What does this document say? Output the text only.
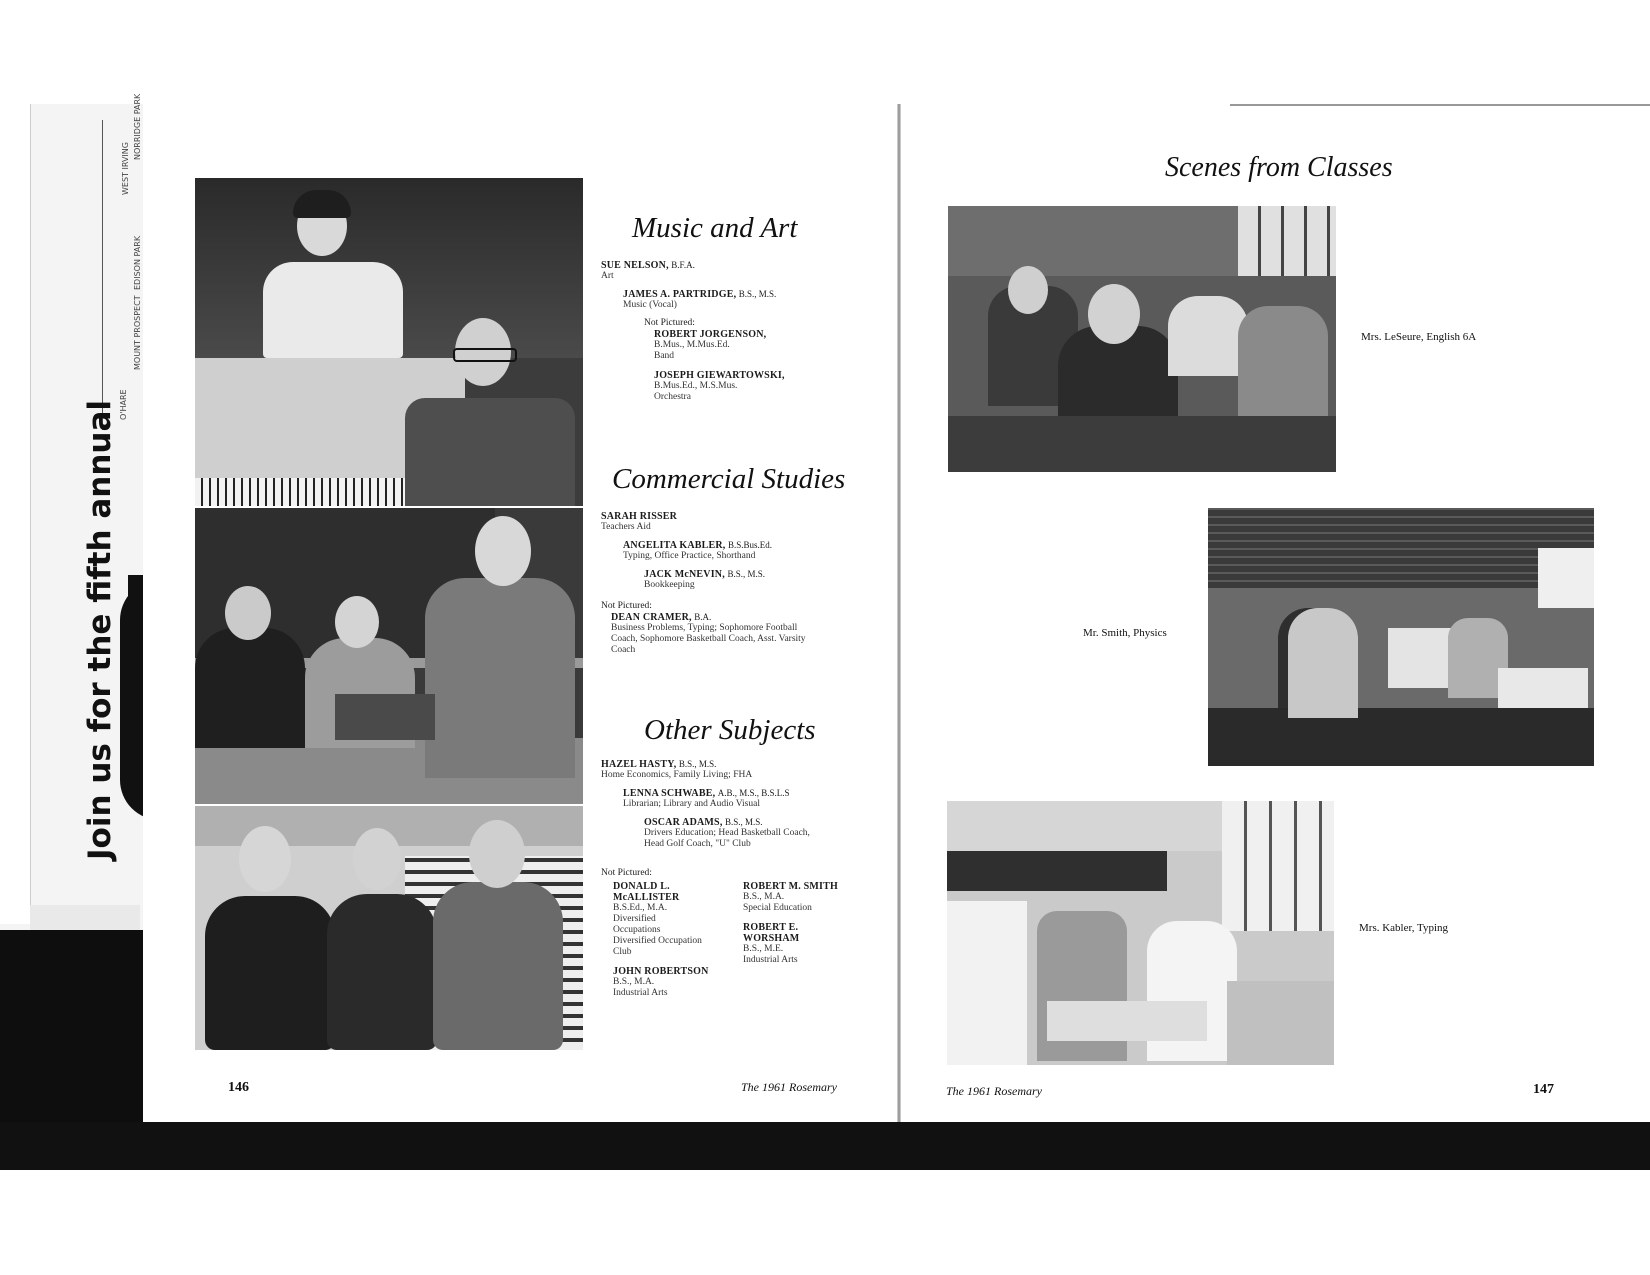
O'HARE
MOUNT PROSPECT
EDISON PARK
WEST IRVING
NORRIDGE PARK
Join us for the fifth annual
Music and Art
SUE NELSON, B.F.A.
Art
JAMES A. PARTRIDGE, B.S., M.S.
Music (Vocal)
Not Pictured:
ROBERT JORGENSON,
B.Mus., M.Mus.Ed.
Band
JOSEPH GIEWARTOWSKI,
B.Mus.Ed., M.S.Mus.
Orchestra
Commercial Studies
SARAH RISSER
Teachers Aid
ANGELITA KABLER, B.S.Bus.Ed.
Typing, Office Practice, Shorthand
JACK McNEVIN, B.S., M.S.
Bookkeeping
Not Pictured:
DEAN CRAMER, B.A.
Business Problems, Typing; Sophomore Football
Coach, Sophomore Basketball Coach, Asst. Varsity
Coach
Other Subjects
HAZEL HASTY, B.S., M.S.
Home Economics, Family Living; FHA
LENNA SCHWABE, A.B., M.S., B.S.L.S
Librarian; Library and Audio Visual
OSCAR ADAMS, B.S., M.S.
Drivers Education; Head Basketball Coach,
Head Golf Coach, "U" Club
Not Pictured:
DONALD L.
McALLISTER
B.S.Ed., M.A.
Diversified
Occupations
Diversified Occupation
Club
JOHN ROBERTSON
B.S., M.A.
Industrial Arts
ROBERT M. SMITH
B.S., M.A.
Special Education
ROBERT E.
WORSHAM
B.S., M.E.
Industrial Arts
146	The 1961 Rosemary
Scenes from Classes
Mrs. LeSeure, English 6A
Mr. Smith, Physics
Mrs. Kabler, Typing
The 1961 Rosemary	147
